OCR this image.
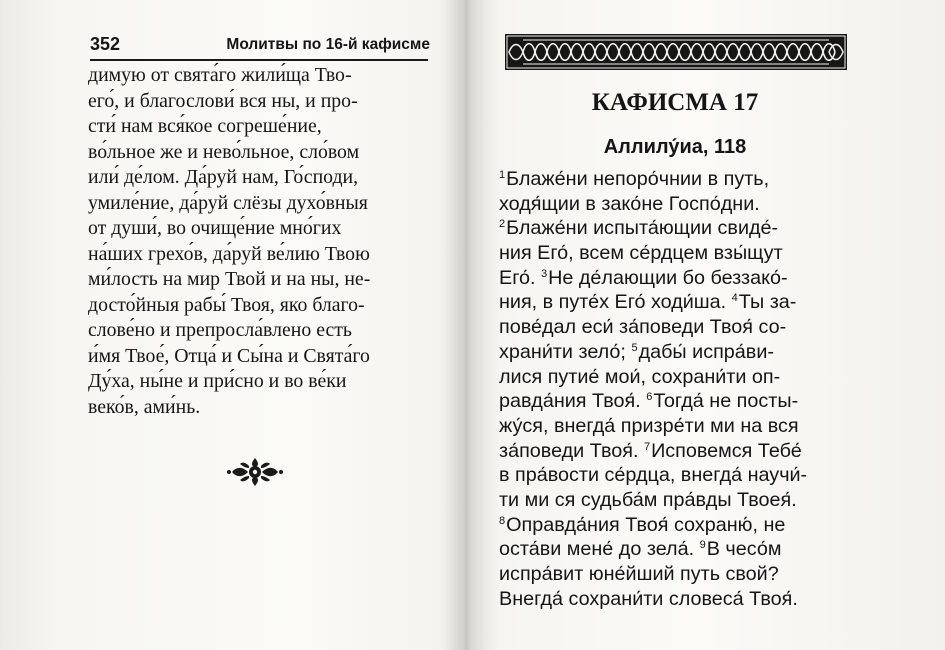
352	Молитвы по 16-й кафисме
димую от свята́го жили́ща Тво-
его́, и благослови́ вся ны, и про-
сти́ нам вся́кое согреше́ние,
во́льное же и нево́льное, сло́вом
или́ де́лом. Да́руй нам, Го́споди,
умиле́ние, да́руй слёзы духо́вныя
от души́, во очище́ние мно́гих
на́ших грехо́в, да́руй ве́лию Твою
ми́лость на мир Твой и на ны, не-
досто́йныя рабы́ Твоя, яко благо-
слове́но и препросла́влено есть
и́мя Твое́, Отца́ и Сы́на и Свята́го
Ду́ха, ны́не и при́сно и во ве́ки
веко́в, ами́нь.
КАФИСМА 17
Аллилу́иа, 118
$^1$Блаже́ни непоро́чнии в путь,
ходя́щии в зако́не Госпо́дни.
$^2$Блаже́ни испыта́ющии свиде́-
ния Его́, всем се́рдцем взы́щут
Его́. $^3$Не де́лающии бо беззако́-
ния, в путе́х Его́ ходи́ша. $^4$Ты за-
пове́дал еси́ за́поведи Твоя́ со-
храни́ти зело́; $^5$дабы́ испра́ви-
лися путие́ мои́, сохрани́ти оп-
равда́ния Твоя́. $^6$Тогда́ не посты-
жу́ся, внегда́ призре́ти ми на вся
за́поведи Твоя́. $^7$Исповемся Тебе́
в пра́вости се́рдца, внегда́ научи́-
ти ми ся судьба́м пра́вды Твоея́.
$^8$Оправда́ния Твоя́ сохраню́, не
оста́ви мене́ до зела́. $^9$В чесо́м
испра́вит юне́йший путь свой?
Внегда́ сохрани́ти словеса́ Твоя́.
